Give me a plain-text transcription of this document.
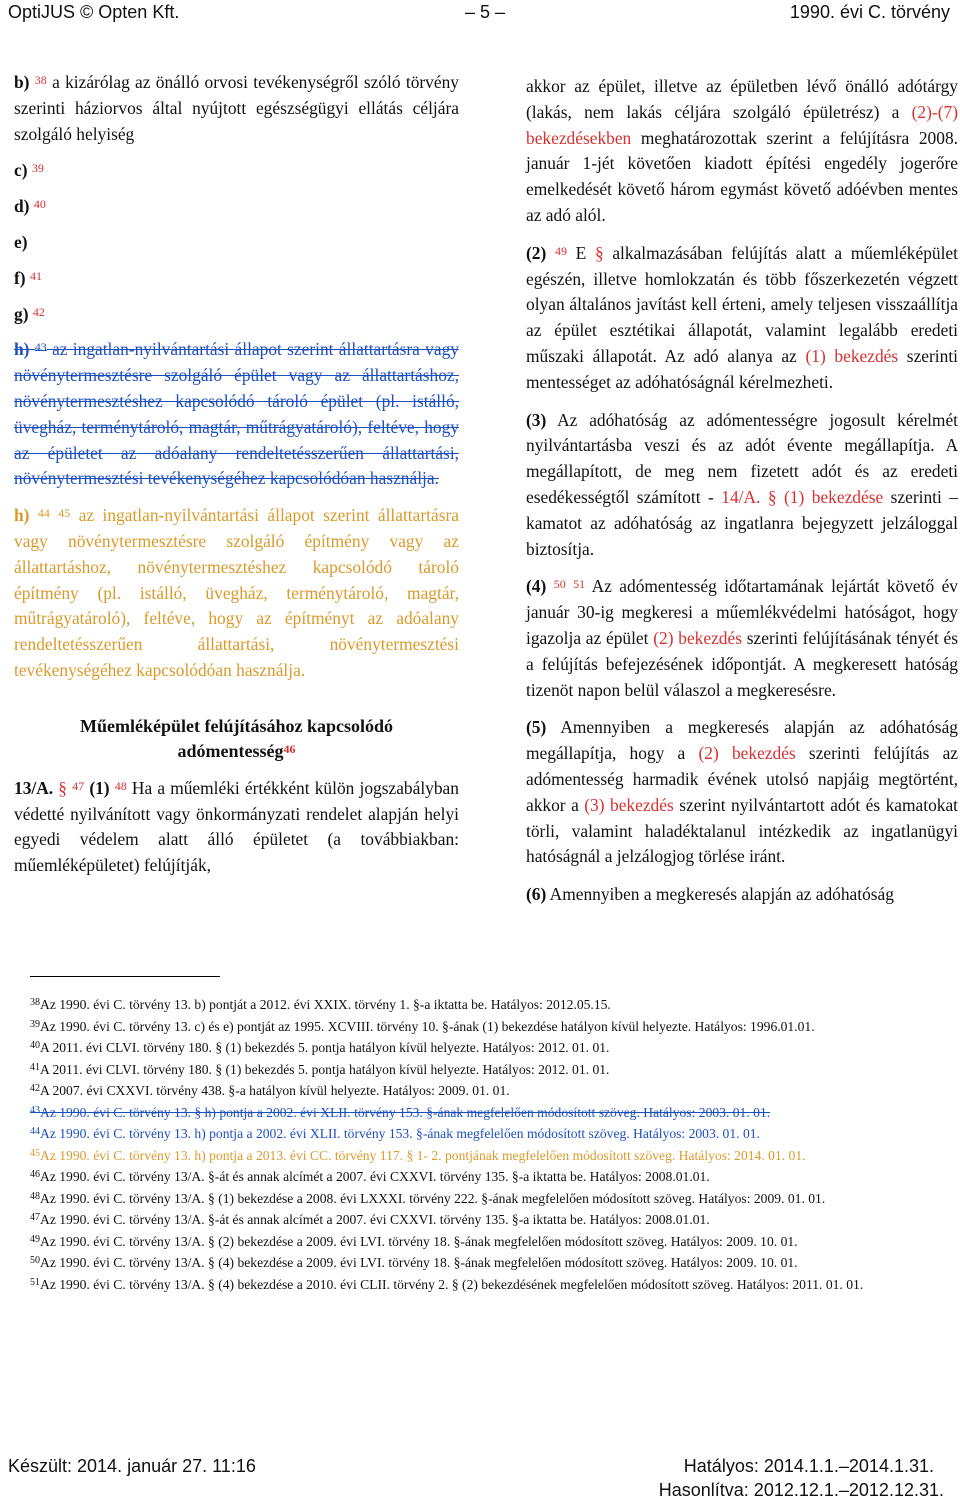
OptiJUS © Opten Kft.	– 5 –	1990. évi C. törvény

b) $^{38}$ a kizárólag az önálló orvosi tevékenységről szóló törvény szerinti háziorvos által nyújtott egészségügyi ellátás céljára szolgáló helyiség

c) $^{39}$

d) $^{40}$

e)

f) $^{41}$

g) $^{42}$

h) $^{43}$ az ingatlan-nyilvántartási állapot szerint állattartásra vagy növénytermesztésre szolgáló épület vagy az állattartáshoz, növénytermesztéshez kapcsolódó tároló épület (pl. istálló, üvegház, terménytároló, magtár, műtrágyatároló), feltéve, hogy az épületet az adóalany rendeltetésszerűen állattartási, növénytermesztési tevékenységéhez kapcsolódóan használja.

h) $^{44}$ $^{45}$ az ingatlan-nyilvántartási állapot szerint állattartásra vagy növénytermesztésre szolgáló építmény vagy az állattartáshoz, növénytermesztéshez kapcsolódó tároló építmény (pl. istálló, üvegház, terménytároló, magtár, műtrágyatároló), feltéve, hogy az építményt az adóalany rendeltetésszerűen állattartási, növénytermesztési tevékenységéhez kapcsolódóan használja.

Műemléképület felújításához kapcsolódó
adómentesség$^{46}$

13/A. § $^{47}$ (1) $^{48}$ Ha a műemléki értékként külön jogszabályban védetté nyilvánított vagy önkormányzati rendelet alapján helyi egyedi védelem alatt álló épületet (a továbbiakban: műemléképületet) felújítják,

akkor az épület, illetve az épületben lévő önálló adótárgy (lakás, nem lakás céljára szolgáló épületrész) a (2)-(7) bekezdésekben meghatározottak szerint a felújításra 2008. január 1-jét követően kiadott építési engedély jogerőre emelkedését követő három egymást követő adóévben mentes az adó alól.

(2) $^{49}$ E § alkalmazásában felújítás alatt a műemléképület egészén, illetve homlokzatán és több főszerkezetén végzett olyan általános javítást kell érteni, amely teljesen visszaállítja az épület esztétikai állapotát, valamint legalább eredeti műszaki állapotát. Az adó alanya az (1) bekezdés szerinti mentességet az adóhatóságnál kérelmezheti.

(3) Az adóhatóság az adómentességre jogosult kérelmét nyilvántartásba veszi és az adót évente megállapítja. A megállapított, de meg nem fizetett adót és az eredeti esedékességtől számított - 14/A. § (1) bekezdése szerinti – kamatot az adóhatóság az ingatlanra bejegyzett jelzáloggal biztosítja.

(4) $^{50}$ $^{51}$ Az adómentesség időtartamának lejártát követő év január 30-ig megkeresi a műemlékvédelmi hatóságot, hogy igazolja az épület (2) bekezdés szerinti felújításának tényét és a felújítás befejezésének időpontját. A megkeresett hatóság tizenöt napon belül válaszol a megkeresésre.

(5) Amennyiben a megkeresés alapján az adóhatóság megállapítja, hogy a (2) bekezdés szerinti felújítás az adómentesség harmadik évének utolsó napjáig megtörtént, akkor a (3) bekezdés szerint nyilvántartott adót és kamatokat törli, valamint haladéktalanul intézkedik az ingatlanügyi hatóságnál a jelzálogjog törlése iránt.

(6) Amennyiben a megkeresés alapján az adóhatóság

$^{38}$Az 1990. évi C. törvény 13. b) pontját a 2012. évi XXIX. törvény 1. §-a iktatta be. Hatályos: 2012.05.15.

$^{39}$Az 1990. évi C. törvény 13. c) és e) pontját az 1995. XCVIII. törvény 10. §-ának (1) bekezdése hatályon kívül helyezte. Hatályos: 1996.01.01.

$^{40}$A 2011. évi CLVI. törvény 180. § (1) bekezdés 5. pontja hatályon kívül helyezte. Hatályos: 2012. 01. 01.

$^{41}$A 2011. évi CLVI. törvény 180. § (1) bekezdés 5. pontja hatályon kívül helyezte. Hatályos: 2012. 01. 01.

$^{42}$A 2007. évi CXXVI. törvény 438. §-a hatályon kívül helyezte. Hatályos: 2009. 01. 01.

$^{43}$Az 1990. évi C. törvény 13. § h) pontja a 2002. évi XLII. törvény 153. §-ának megfelelően módosított szöveg. Hatályos: 2003. 01. 01.

$^{44}$Az 1990. évi C. törvény 13. h) pontja a 2002. évi XLII. törvény 153. §-ának megfelelően módosított szöveg. Hatályos: 2003. 01. 01.

$^{45}$Az 1990. évi C. törvény 13. h) pontja a 2013. évi CC. törvény 117. § 1- 2. pontjának megfelelően módosított szöveg. Hatályos: 2014. 01. 01.

$^{46}$Az 1990. évi C. törvény 13/A. §-át és annak alcímét a 2007. évi CXXVI. törvény 135. §-a iktatta be. Hatályos: 2008.01.01.

$^{48}$Az 1990. évi C. törvény 13/A. § (1) bekezdése a 2008. évi LXXXI. törvény 222. §-ának megfelelően módosított szöveg. Hatályos: 2009. 01. 01.

$^{47}$Az 1990. évi C. törvény 13/A. §-át és annak alcímét a 2007. évi CXXVI. törvény 135. §-a iktatta be. Hatályos: 2008.01.01.

$^{49}$Az 1990. évi C. törvény 13/A. § (2) bekezdése a 2009. évi LVI. törvény 18. §-ának megfelelően módosított szöveg. Hatályos: 2009. 10. 01.

$^{50}$Az 1990. évi C. törvény 13/A. § (4) bekezdése a 2009. évi LVI. törvény 18. §-ának megfelelően módosított szöveg. Hatályos: 2009. 10. 01.

$^{51}$Az 1990. évi C. törvény 13/A. § (4) bekezdése a 2010. évi CLII. törvény 2. § (2) bekezdésének megfelelően módosított szöveg. Hatályos: 2011. 01. 01.

Készült: 2014. január 27. 11:16	Hatályos: 2014.1.1.–2014.1.31.
Hasonlítva: 2012.12.1.–2012.12.31.
